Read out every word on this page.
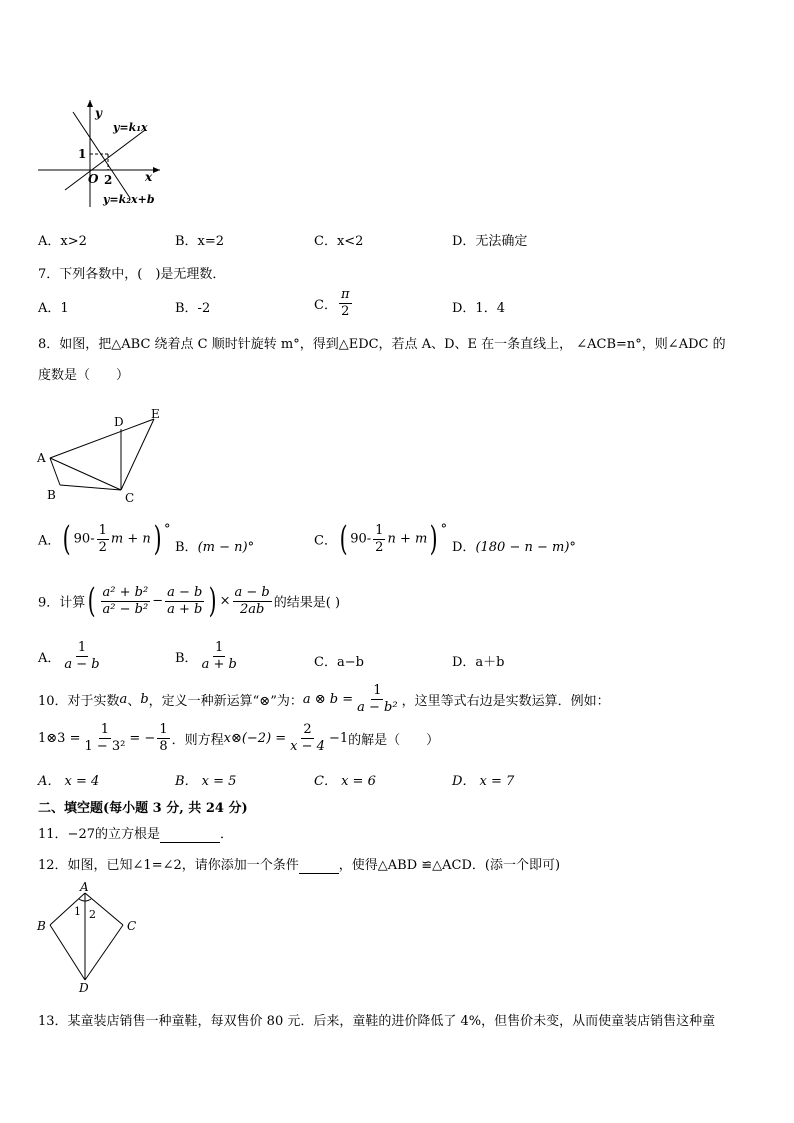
y
x
O
1
2
y=k₁x
y=k₂x+b
A．x>2	B．x=2	C．x<2	D．无法确定
7．下列各数中，(　)是无理数．
A．1	B．-2	C． $\frac{\pi}{2}$	D．1．4
8．如图，把△ABC 绕着点 C 顺时针旋转 m°，得到△EDC，若点 A、D、E 在一条直线上， ∠ACB=n°，则∠ADC 的
度数是（　　）
A
B	C
D
E
A．( $90- \frac{1}{2}$ m + n) °
B．(m − n)°	C．( $90- \frac{1}{2}$ n + m) °
D．(180 − n − m)°
9．计算( $\frac{\text{a² + b²}}{\text{a² − b²}} - \frac{a - b}{a + b}$ ) × $\frac{a - b}{2ab}$ 的结果是( )
A． $\frac{1}{a - b}$	B． $\frac{1}{a + b}$	C．a−b	D．a＋b
10．对于实数a、b，定义一种新运算“⊗”为：a ⊗ $b = \frac{1}{\text{a − b²}}$ ，这里等式右边是实数运算．例如：
1⊗3 = $\frac{1}{\text{1 − 3²}}$ = − $\frac{1}{8}$ ．则方程x⊗(−2) = $\frac{2}{x - 4} -1$的解是（　　）
A． x = 4	B． x = 5	C． x = 6	D． x = 7
二、填空题(每小题 3 分, 共 24 分)
11．−27的立方根是	．
12．如图，已知∠1=∠2，请你添加一个条件	，使得△ABD ≌△ACD．(添一个即可)
A
B	C
D
1 2
13．某童装店销售一种童鞋，每双售价 80 元．后来，童鞋的进价降低了 4%，但售价未变，从而使童装店销售这种童
